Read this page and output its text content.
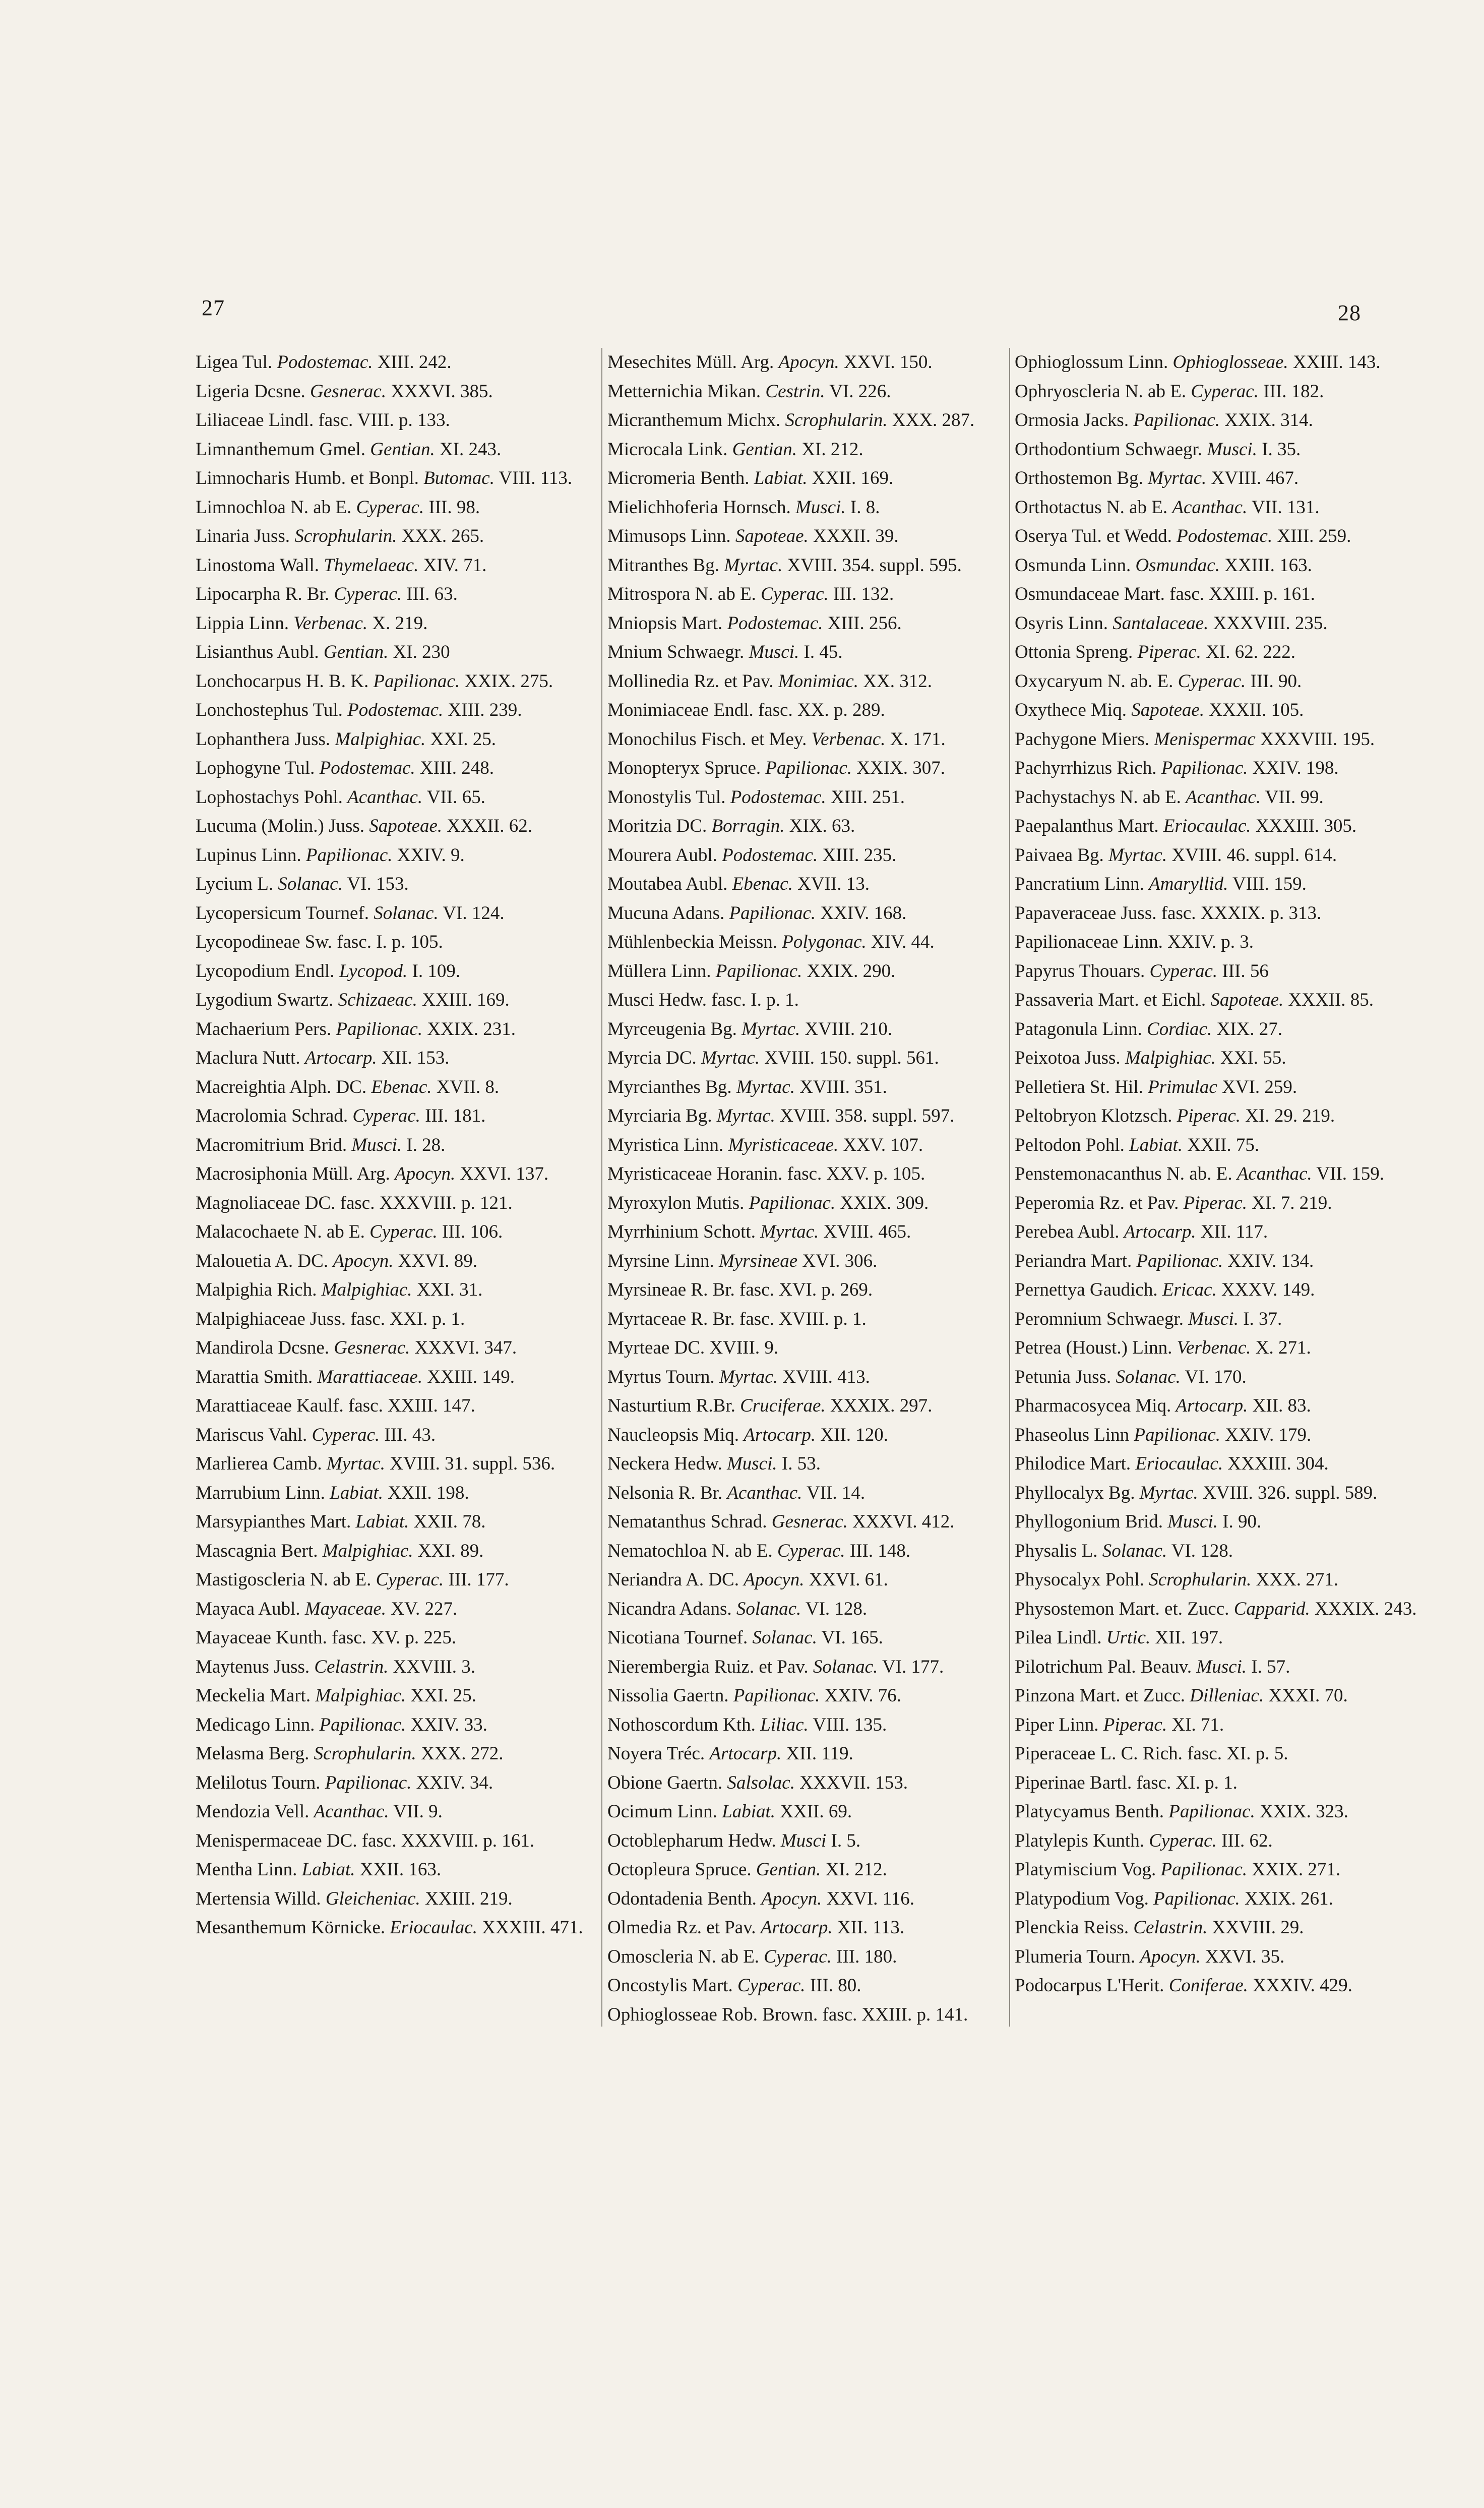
27	28
Ligea Tul. Podostemac. XIII. 242.
Ligeria Dcsne. Gesnerac. XXXVI. 385.
Liliaceae Lindl. fasc. VIII. p. 133.
Limnanthemum Gmel. Gentian. XI. 243.
Limnocharis Humb. et Bonpl. Butomac. VIII. 113.
Limnochloa N. ab E. Cyperac. III. 98.
Linaria Juss. Scrophularin. XXX. 265.
Linostoma Wall. Thymelaeac. XIV. 71.
Lipocarpha R. Br. Cyperac. III. 63.
Lippia Linn. Verbenac. X. 219.
Lisianthus Aubl. Gentian. XI. 230
Lonchocarpus H. B. K. Papilionac. XXIX. 275.
Lonchostephus Tul. Podostemac. XIII. 239.
Lophanthera Juss. Malpighiac. XXI. 25.
Lophogyne Tul. Podostemac. XIII. 248.
Lophostachys Pohl. Acanthac. VII. 65.
Lucuma (Molin.) Juss. Sapoteae. XXXII. 62.
Lupinus Linn. Papilionac. XXIV. 9.
Lycium L. Solanac. VI. 153.
Lycopersicum Tournef. Solanac. VI. 124.
Lycopodineae Sw. fasc. I. p. 105.
Lycopodium Endl. Lycopod. I. 109.
Lygodium Swartz. Schizaeac. XXIII. 169.
Machaerium Pers. Papilionac. XXIX. 231.
Maclura Nutt. Artocarp. XII. 153.
Macreightia Alph. DC. Ebenac. XVII. 8.
Macrolomia Schrad. Cyperac. III. 181.
Macromitrium Brid. Musci. I. 28.
Macrosiphonia Müll. Arg. Apocyn. XXVI. 137.
Magnoliaceae DC. fasc. XXXVIII. p. 121.
Malacochaete N. ab E. Cyperac. III. 106.
Malouetia A. DC. Apocyn. XXVI. 89.
Malpighia Rich. Malpighiac. XXI. 31.
Malpighiaceae Juss. fasc. XXI. p. 1.
Mandirola Dcsne. Gesnerac. XXXVI. 347.
Marattia Smith. Marattiaceae. XXIII. 149.
Marattiaceae Kaulf. fasc. XXIII. 147.
Mariscus Vahl. Cyperac. III. 43.
Marlierea Camb. Myrtac. XVIII. 31. suppl. 536.
Marrubium Linn. Labiat. XXII. 198.
Marsypianthes Mart. Labiat. XXII. 78.
Mascagnia Bert. Malpighiac. XXI. 89.
Mastigoscleria N. ab E. Cyperac. III. 177.
Mayaca Aubl. Mayaceae. XV. 227.
Mayaceae Kunth. fasc. XV. p. 225.
Maytenus Juss. Celastrin. XXVIII. 3.
Meckelia Mart. Malpighiac. XXI. 25.
Medicago Linn. Papilionac. XXIV. 33.
Melasma Berg. Scrophularin. XXX. 272.
Melilotus Tourn. Papilionac. XXIV. 34.
Mendozia Vell. Acanthac. VII. 9.
Menispermaceae DC. fasc. XXXVIII. p. 161.
Mentha Linn. Labiat. XXII. 163.
Mertensia Willd. Gleicheniac. XXIII. 219.
Mesanthemum Körnicke. Eriocaulac. XXXIII. 471.
Mesechites Müll. Arg. Apocyn. XXVI. 150.
Metternichia Mikan. Cestrin. VI. 226.
Micranthemum Michx. Scrophularin. XXX. 287.
Microcala Link. Gentian. XI. 212.
Micromeria Benth. Labiat. XXII. 169.
Mielichhoferia Hornsch. Musci. I. 8.
Mimusops Linn. Sapoteae. XXXII. 39.
Mitranthes Bg. Myrtac. XVIII. 354. suppl. 595.
Mitrospora N. ab E. Cyperac. III. 132.
Mniopsis Mart. Podostemac. XIII. 256.
Mnium Schwaegr. Musci. I. 45.
Mollinedia Rz. et Pav. Monimiac. XX. 312.
Monimiaceae Endl. fasc. XX. p. 289.
Monochilus Fisch. et Mey. Verbenac. X. 171.
Monopteryx Spruce. Papilionac. XXIX. 307.
Monostylis Tul. Podostemac. XIII. 251.
Moritzia DC. Borragin. XIX. 63.
Mourera Aubl. Podostemac. XIII. 235.
Moutabea Aubl. Ebenac. XVII. 13.
Mucuna Adans. Papilionac. XXIV. 168.
Mühlenbeckia Meissn. Polygonac. XIV. 44.
Müllera Linn. Papilionac. XXIX. 290.
Musci Hedw. fasc. I. p. 1.
Myrceugenia Bg. Myrtac. XVIII. 210.
Myrcia DC. Myrtac. XVIII. 150. suppl. 561.
Myrcianthes Bg. Myrtac. XVIII. 351.
Myrciaria Bg. Myrtac. XVIII. 358. suppl. 597.
Myristica Linn. Myristicaceae. XXV. 107.
Myristicaceae Horanin. fasc. XXV. p. 105.
Myroxylon Mutis. Papilionac. XXIX. 309.
Myrrhinium Schott. Myrtac. XVIII. 465.
Myrsine Linn. Myrsineae XVI. 306.
Myrsineae R. Br. fasc. XVI. p. 269.
Myrtaceae R. Br. fasc. XVIII. p. 1.
Myrteae DC. XVIII. 9.
Myrtus Tourn. Myrtac. XVIII. 413.
Nasturtium R.Br. Cruciferae. XXXIX. 297.
Naucleopsis Miq. Artocarp. XII. 120.
Neckera Hedw. Musci. I. 53.
Nelsonia R. Br. Acanthac. VII. 14.
Nematanthus Schrad. Gesnerac. XXXVI. 412.
Nematochloa N. ab E. Cyperac. III. 148.
Neriandra A. DC. Apocyn. XXVI. 61.
Nicandra Adans. Solanac. VI. 128.
Nicotiana Tournef. Solanac. VI. 165.
Nierembergia Ruiz. et Pav. Solanac. VI. 177.
Nissolia Gaertn. Papilionac. XXIV. 76.
Nothoscordum Kth. Liliac. VIII. 135.
Noyera Tréc. Artocarp. XII. 119.
Obione Gaertn. Salsolac. XXXVII. 153.
Ocimum Linn. Labiat. XXII. 69.
Octoblepharum Hedw. Musci I. 5.
Octopleura Spruce. Gentian. XI. 212.
Odontadenia Benth. Apocyn. XXVI. 116.
Olmedia Rz. et Pav. Artocarp. XII. 113.
Omoscleria N. ab E. Cyperac. III. 180.
Oncostylis Mart. Cyperac. III. 80.
Ophioglosseae Rob. Brown. fasc. XXIII. p. 141.
Ophioglossum Linn. Ophioglosseae. XXIII. 143.
Ophryoscleria N. ab E. Cyperac. III. 182.
Ormosia Jacks. Papilionac. XXIX. 314.
Orthodontium Schwaegr. Musci. I. 35.
Orthostemon Bg. Myrtac. XVIII. 467.
Orthotactus N. ab E. Acanthac. VII. 131.
Oserya Tul. et Wedd. Podostemac. XIII. 259.
Osmunda Linn. Osmundac. XXIII. 163.
Osmundaceae Mart. fasc. XXIII. p. 161.
Osyris Linn. Santalaceae. XXXVIII. 235.
Ottonia Spreng. Piperac. XI. 62. 222.
Oxycaryum N. ab. E. Cyperac. III. 90.
Oxythece Miq. Sapoteae. XXXII. 105.
Pachygone Miers. Menispermac XXXVIII. 195.
Pachyrrhizus Rich. Papilionac. XXIV. 198.
Pachystachys N. ab E. Acanthac. VII. 99.
Paepalanthus Mart. Eriocaulac. XXXIII. 305.
Paivaea Bg. Myrtac. XVIII. 46. suppl. 614.
Pancratium Linn. Amaryllid. VIII. 159.
Papaveraceae Juss. fasc. XXXIX. p. 313.
Papilionaceae Linn. XXIV. p. 3.
Papyrus Thouars. Cyperac. III. 56
Passaveria Mart. et Eichl. Sapoteae. XXXII. 85.
Patagonula Linn. Cordiac. XIX. 27.
Peixotoa Juss. Malpighiac. XXI. 55.
Pelletiera St. Hil. Primulac XVI. 259.
Peltobryon Klotzsch. Piperac. XI. 29. 219.
Peltodon Pohl. Labiat. XXII. 75.
Penstemonacanthus N. ab. E. Acanthac. VII. 159.
Peperomia Rz. et Pav. Piperac. XI. 7. 219.
Perebea Aubl. Artocarp. XII. 117.
Periandra Mart. Papilionac. XXIV. 134.
Pernettya Gaudich. Ericac. XXXV. 149.
Peromnium Schwaegr. Musci. I. 37.
Petrea (Houst.) Linn. Verbenac. X. 271.
Petunia Juss. Solanac. VI. 170.
Pharmacosycea Miq. Artocarp. XII. 83.
Phaseolus Linn Papilionac. XXIV. 179.
Philodice Mart. Eriocaulac. XXXIII. 304.
Phyllocalyx Bg. Myrtac. XVIII. 326. suppl. 589.
Phyllogonium Brid. Musci. I. 90.
Physalis L. Solanac. VI. 128.
Physocalyx Pohl. Scrophularin. XXX. 271.
Physostemon Mart. et. Zucc. Capparid. XXXIX. 243.
Pilea Lindl. Urtic. XII. 197.
Pilotrichum Pal. Beauv. Musci. I. 57.
Pinzona Mart. et Zucc. Dilleniac. XXXI. 70.
Piper Linn. Piperac. XI. 71.
Piperaceae L. C. Rich. fasc. XI. p. 5.
Piperinae Bartl. fasc. XI. p. 1.
Platycyamus Benth. Papilionac. XXIX. 323.
Platylepis Kunth. Cyperac. III. 62.
Platymiscium Vog. Papilionac. XXIX. 271.
Platypodium Vog. Papilionac. XXIX. 261.
Plenckia Reiss. Celastrin. XXVIII. 29.
Plumeria Tourn. Apocyn. XXVI. 35.
Podocarpus L'Herit. Coniferae. XXXIV. 429.
